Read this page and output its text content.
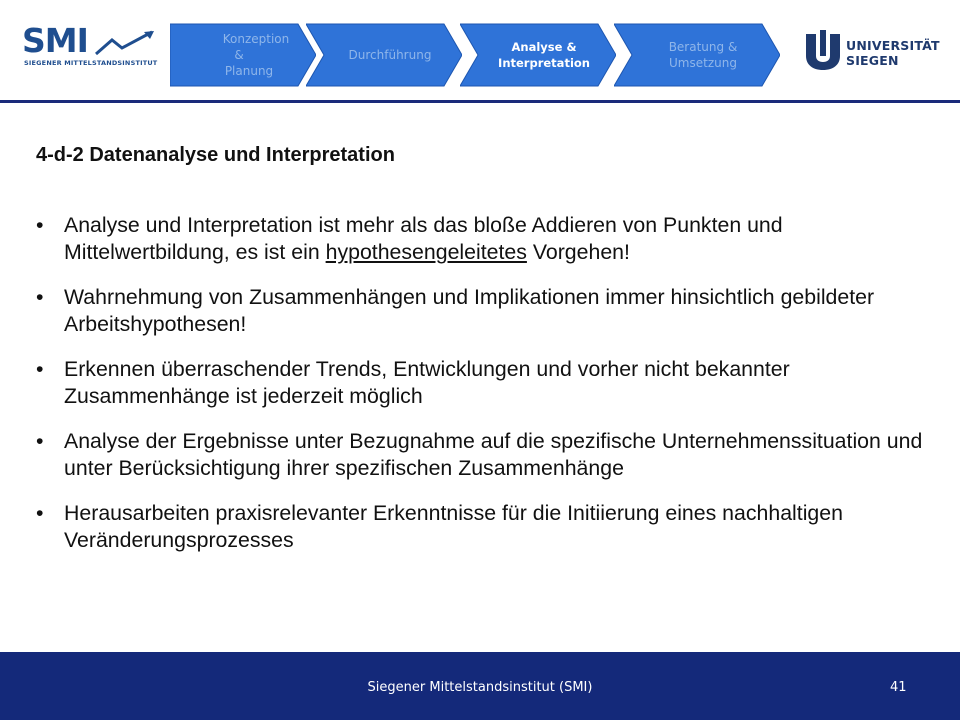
SMI
SIEGENER MITTELSTANDSINSTITUT
Konzeption &
Planung
Durchführung
Analyse &
Interpretation
Beratung &
Umsetzung
UNIVERSITÄT
SIEGEN
4-d-2 Datenanalyse und Interpretation
• Analyse und Interpretation ist mehr als das bloße Addieren von Punkten und Mittelwertbildung, es ist ein hypothesengeleitetes Vorgehen!
• Wahrnehmung von Zusammenhängen und Implikationen immer hinsichtlich gebildeter Arbeitshypothesen!
• Erkennen überraschender Trends, Entwicklungen und vorher nicht bekannter Zusammenhänge ist jederzeit möglich
• Analyse der Ergebnisse unter Bezugnahme auf die spezifische Unternehmenssituation und unter Berücksichtigung ihrer spezifischen Zusammenhänge
• Herausarbeiten praxisrelevanter Erkenntnisse für die Initiierung eines nachhaltigen Veränderungsprozesses
Siegener Mittelstandsinstitut (SMI)	41
